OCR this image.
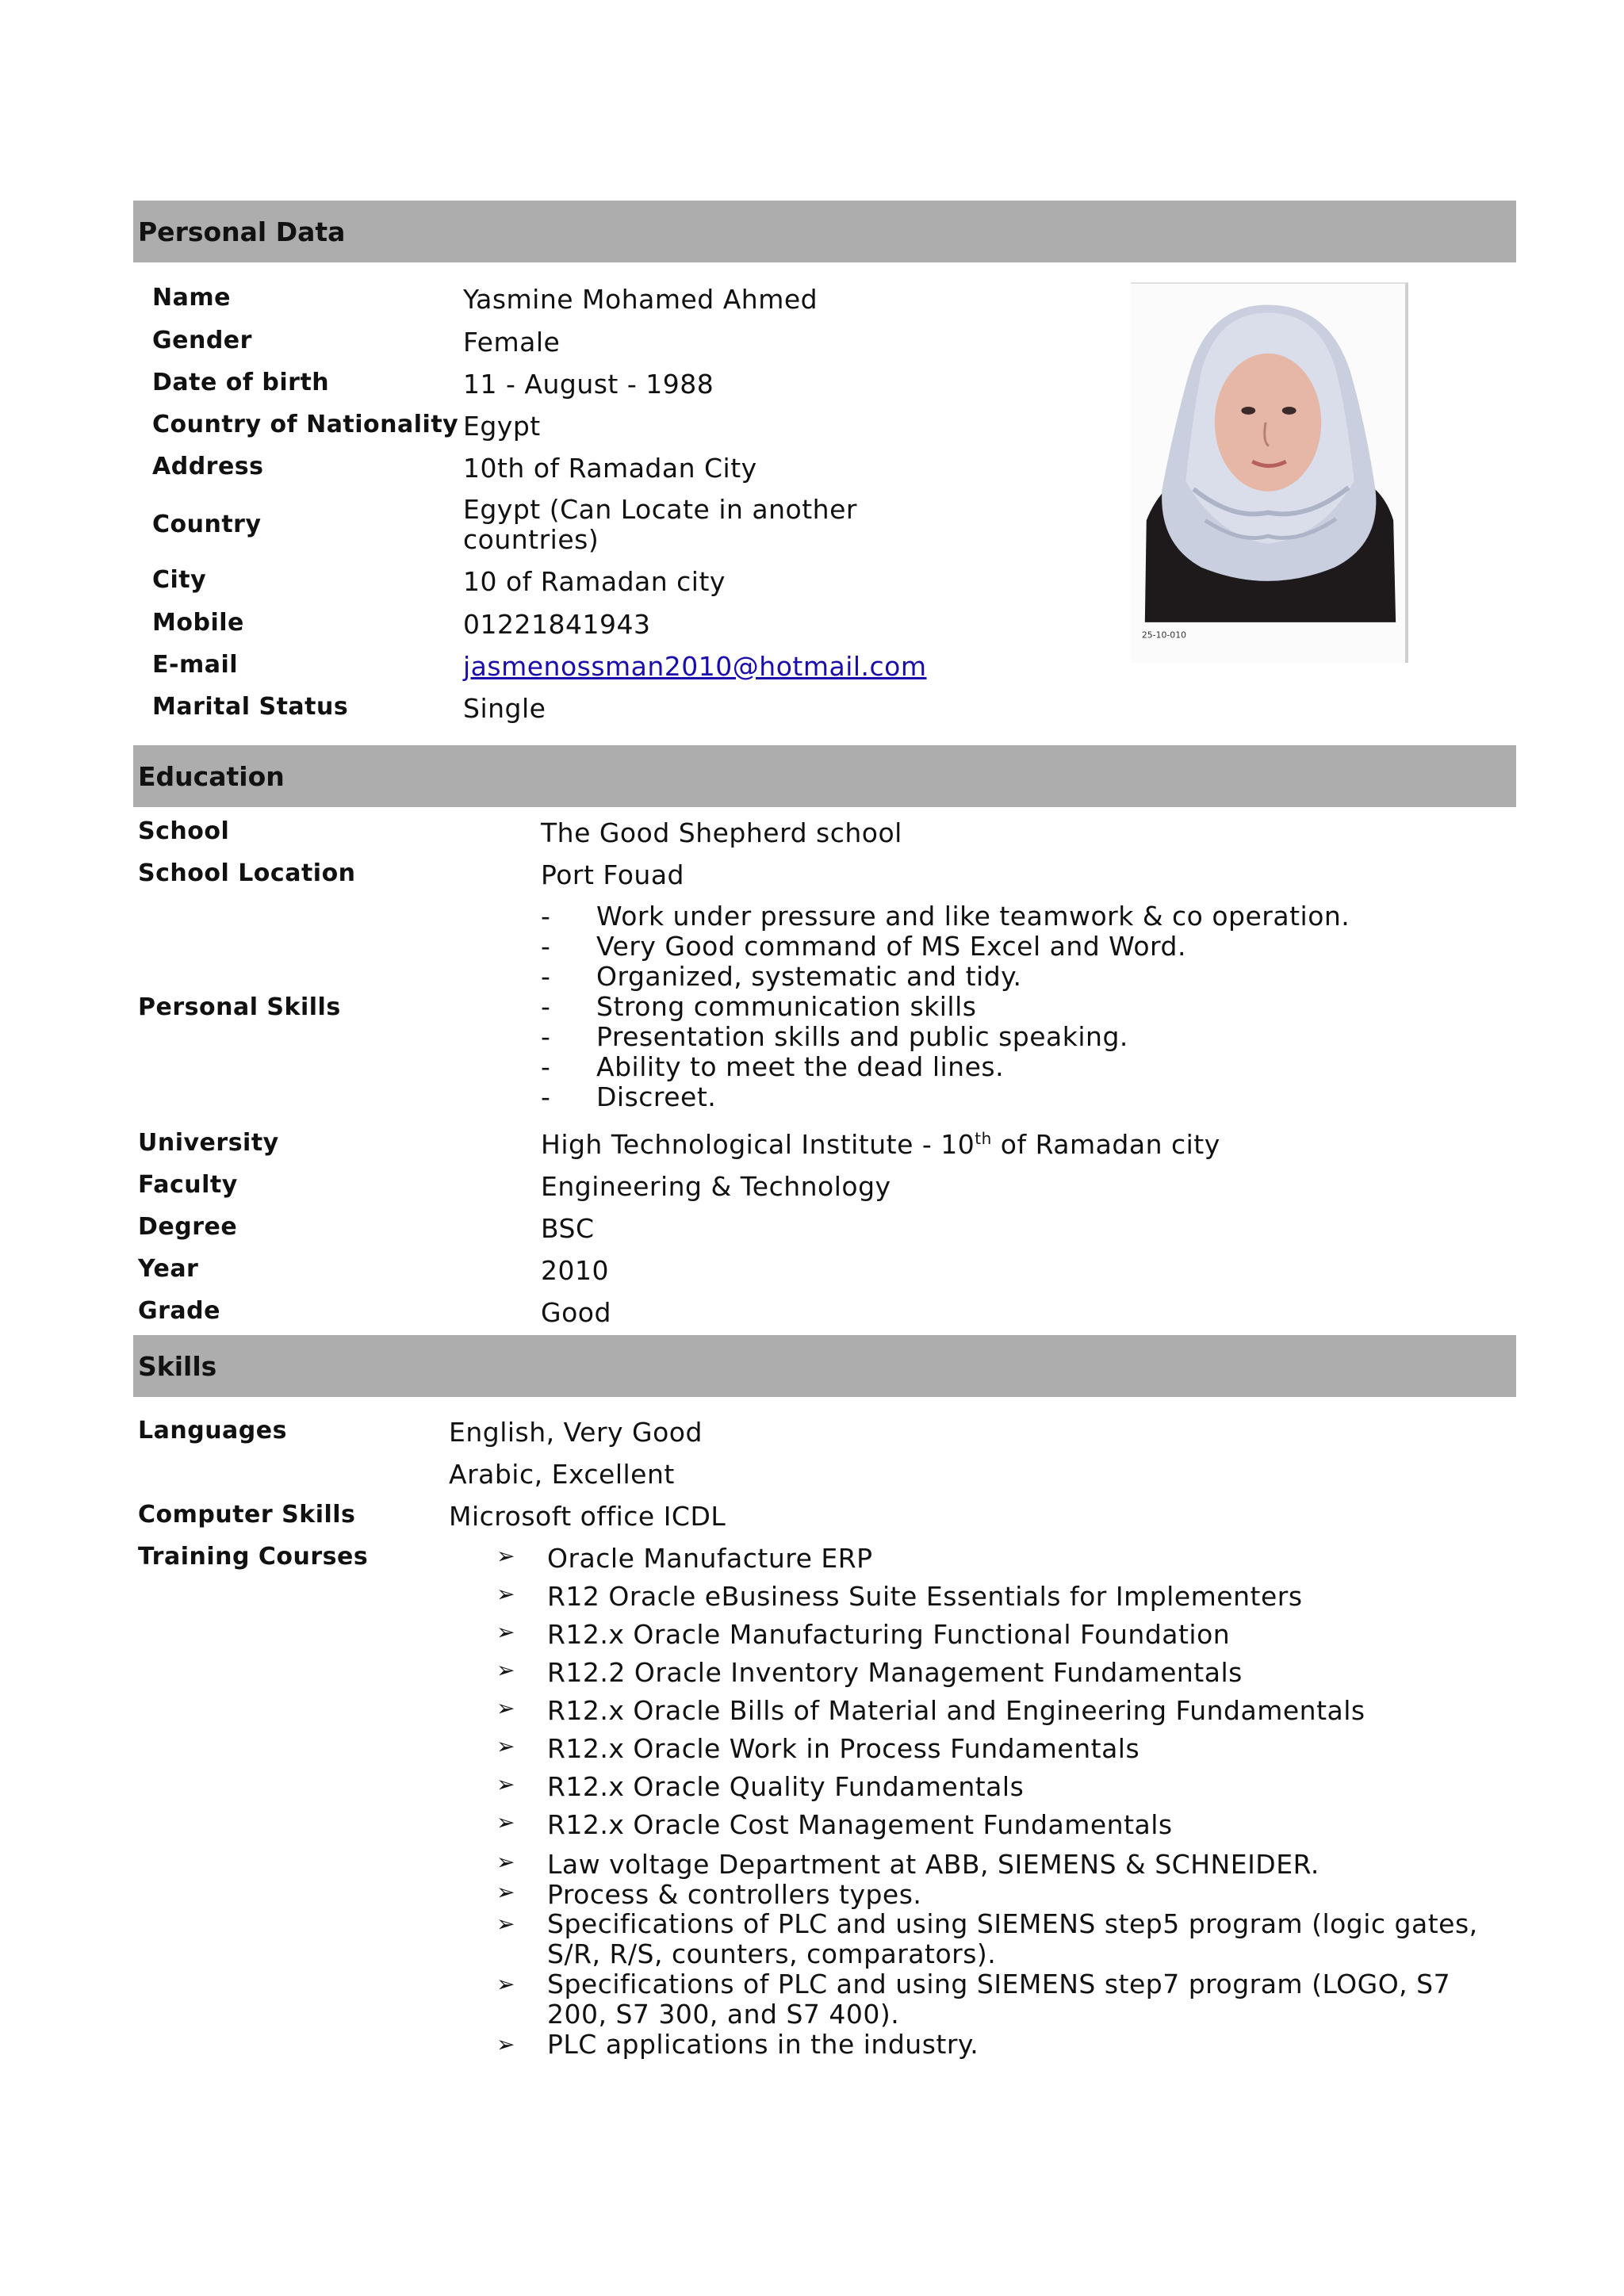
Personal Data
Name	Yasmine Mohamed Ahmed
Gender	Female
Date of birth	11 - August - 1988
Country of Nationality Egypt
Address	10th of Ramadan City
Country	Egypt (Can Locate in another countries)
City	10 of Ramadan city
Mobile	01221841943
E-mail	jasmenossman2010@hotmail.com
Marital Status	Single
25-10-010
Education
School	The Good Shepherd school
School Location	Port Fouad
Personal Skills
- Work under pressure and like teamwork & co operation.
- Very Good command of MS Excel and Word.
- Organized, systematic and tidy.
- Strong communication skills
- Presentation skills and public speaking.
- Ability to meet the dead lines.
- Discreet.
University	High Technological Institute - 10th of Ramadan city
Faculty	Engineering & Technology
Degree	BSC
Year	2010
Grade	Good
Skills
Languages	English, Very Good
Arabic, Excellent
Computer Skills	Microsoft office ICDL
Training Courses	➢ Oracle Manufacture ERP
➢ R12 Oracle eBusiness Suite Essentials for Implementers
➢ R12.x Oracle Manufacturing Functional Foundation
➢ R12.2 Oracle Inventory Management Fundamentals
➢ R12.x Oracle Bills of Material and Engineering Fundamentals
➢ R12.x Oracle Work in Process Fundamentals
➢ R12.x Oracle Quality Fundamentals
➢ R12.x Oracle Cost Management Fundamentals
➢ Law voltage Department at ABB, SIEMENS & SCHNEIDER.
➢ Process & controllers types.
➢ Specifications of PLC and using SIEMENS step5 program (logic gates, S/R, R/S, counters, comparators).
➢ Specifications of PLC and using SIEMENS step7 program (LOGO, S7 200, S7 300, and S7 400).
➢ PLC applications in the industry.
